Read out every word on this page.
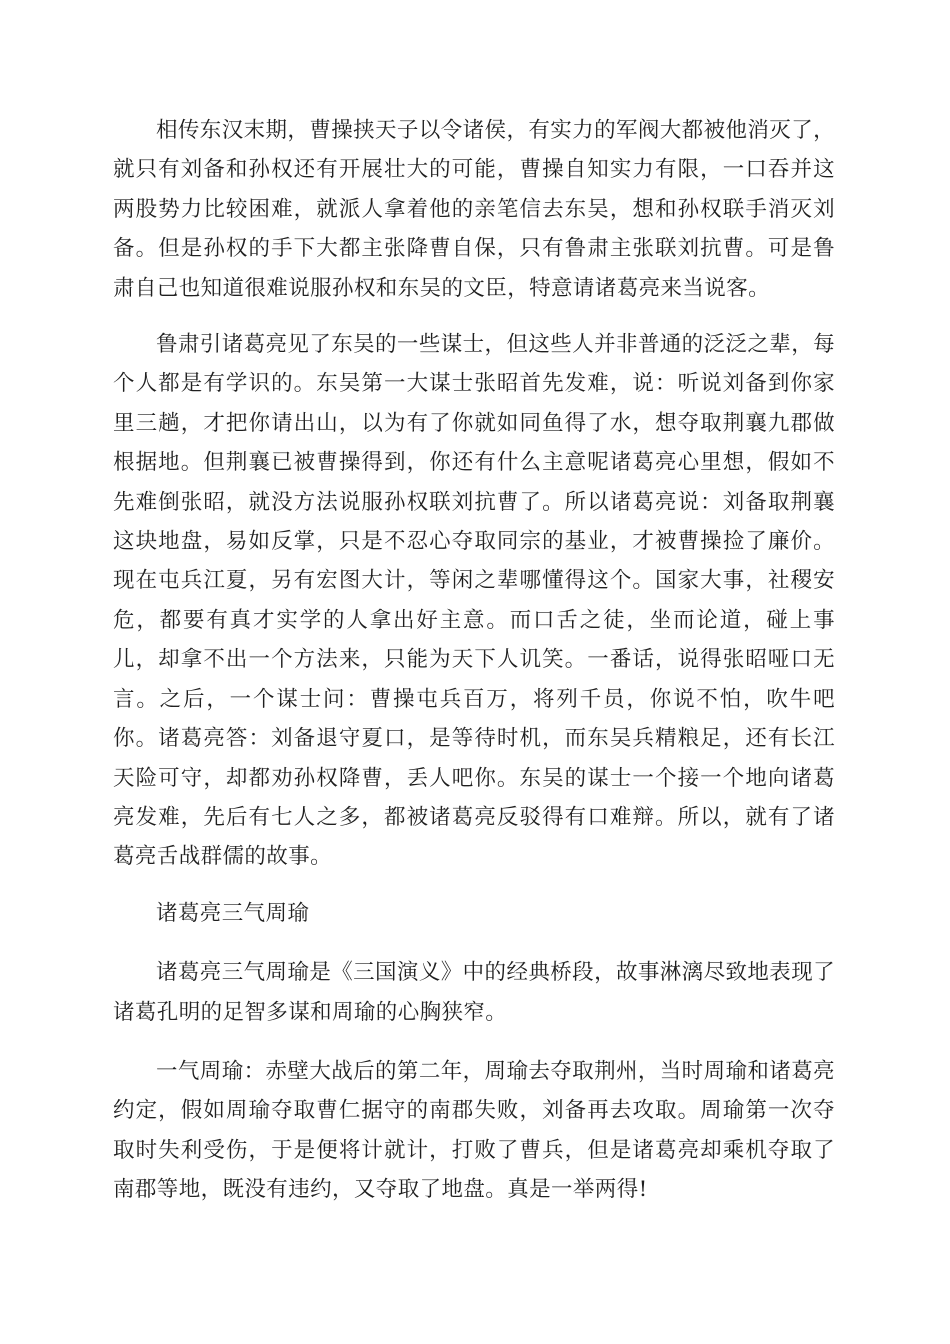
相传东汉末期，曹操挟天子以令诸侯，有实力的军阀大都被他消灭了，就只有刘备和孙权还有开展壮大的可能，曹操自知实力有限，一口吞并这两股势力比较困难，就派人拿着他的亲笔信去东吴，想和孙权联手消灭刘备。但是孙权的手下大都主张降曹自保，只有鲁肃主张联刘抗曹。可是鲁肃自己也知道很难说服孙权和东吴的文臣，特意请诸葛亮来当说客。

鲁肃引诸葛亮见了东吴的一些谋士，但这些人并非普通的泛泛之辈，每个人都是有学识的。东吴第一大谋士张昭首先发难，说：听说刘备到你家里三趟，才把你请出山，以为有了你就如同鱼得了水，想夺取荆襄九郡做根据地。但荆襄已被曹操得到，你还有什么主意呢诸葛亮心里想，假如不先难倒张昭，就没方法说服孙权联刘抗曹了。所以诸葛亮说：刘备取荆襄这块地盘，易如反掌，只是不忍心夺取同宗的基业，才被曹操捡了廉价。现在屯兵江夏，另有宏图大计，等闲之辈哪懂得这个。国家大事，社稷安危，都要有真才实学的人拿出好主意。而口舌之徒，坐而论道，碰上事儿，却拿不出一个方法来，只能为天下人讥笑。一番话，说得张昭哑口无言。之后，一个谋士问：曹操屯兵百万，将列千员，你说不怕，吹牛吧你。诸葛亮答：刘备退守夏口，是等待时机，而东吴兵精粮足，还有长江天险可守，却都劝孙权降曹，丢人吧你。东吴的谋士一个接一个地向诸葛亮发难，先后有七人之多，都被诸葛亮反驳得有口难辩。所以，就有了诸葛亮舌战群儒的故事。

诸葛亮三气周瑜

诸葛亮三气周瑜是《三国演义》中的经典桥段，故事淋漓尽致地表现了诸葛孔明的足智多谋和周瑜的心胸狭窄。

一气周瑜：赤壁大战后的第二年，周瑜去夺取荆州，当时周瑜和诸葛亮约定，假如周瑜夺取曹仁据守的南郡失败，刘备再去攻取。周瑜第一次夺取时失利受伤，于是便将计就计，打败了曹兵，但是诸葛亮却乘机夺取了南郡等地，既没有违约，又夺取了地盘。真是一举两得!
